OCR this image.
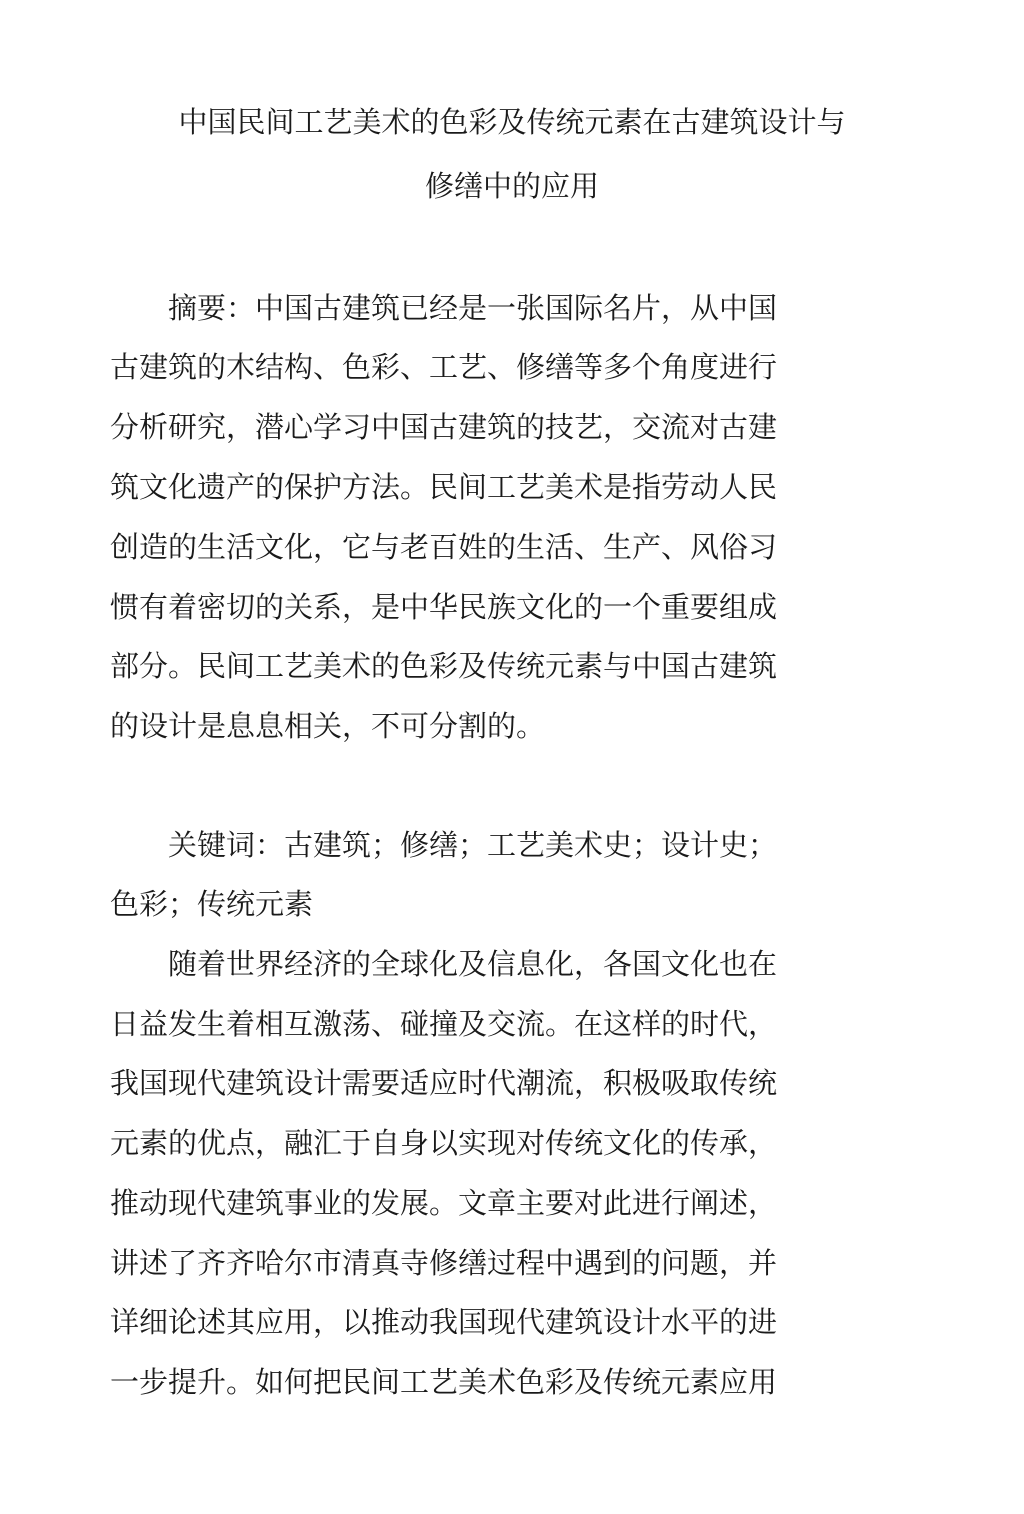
中国民间工艺美术的色彩及传统元素在古建筑设计与
修缮中的应用
　　摘要：中国古建筑已经是一张国际名片，从中国
古建筑的木结构、色彩、工艺、修缮等多个角度进行
分析研究，潜心学习中国古建筑的技艺，交流对古建
筑文化遗产的保护方法。民间工艺美术是指劳动人民
创造的生活文化，它与老百姓的生活、生产、风俗习
惯有着密切的关系，是中华民族文化的一个重要组成
部分。民间工艺美术的色彩及传统元素与中国古建筑
的设计是息息相关，不可分割的。
　　关键词：古建筑；修缮；工艺美术史；设计史；
色彩；传统元素
　　随着世界经济的全球化及信息化，各国文化也在
日益发生着相互激荡、碰撞及交流。在这样的时代，
我国现代建筑设计需要适应时代潮流，积极吸取传统
元素的优点，融汇于自身以实现对传统文化的传承，
推动现代建筑事业的发展。文章主要对此进行阐述，
讲述了齐齐哈尔市清真寺修缮过程中遇到的问题，并
详细论述其应用，以推动我国现代建筑设计水平的进
一步提升。如何把民间工艺美术色彩及传统元素应用
